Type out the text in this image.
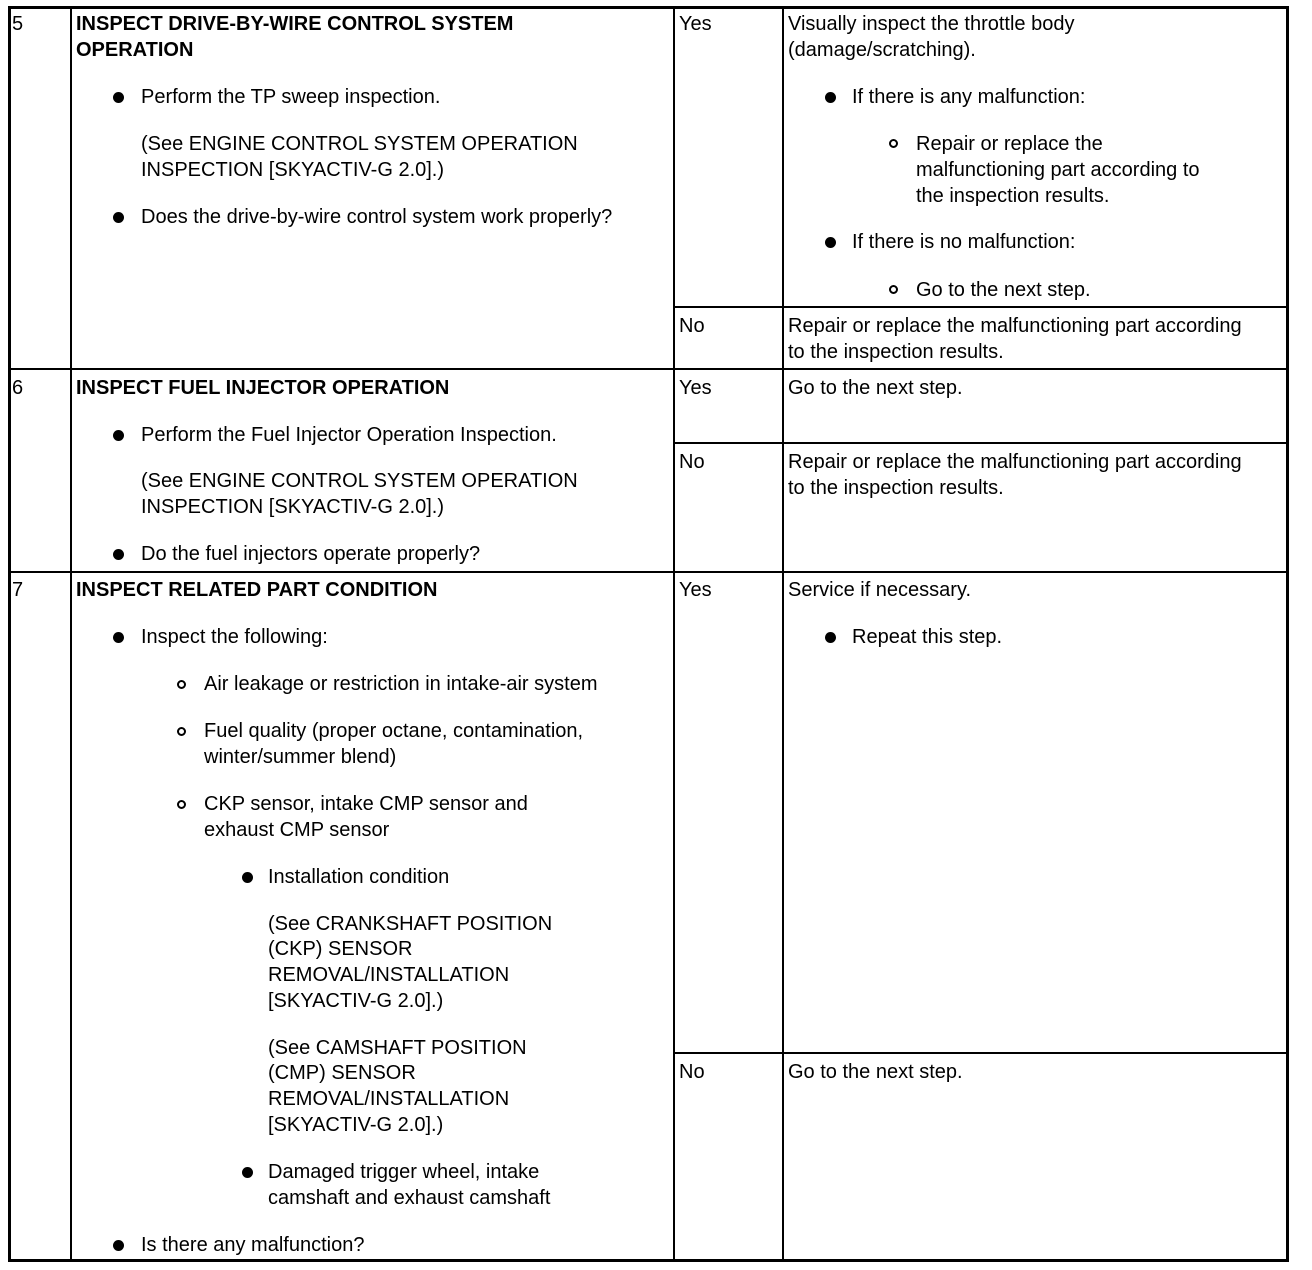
5	INSPECT DRIVE-BY-WIRE CONTROL SYSTEM
OPERATION
Perform the TP sweep inspection.
(See ENGINE CONTROL SYSTEM OPERATION
INSPECTION [SKYACTIV-G 2.0].)
Does the drive-by-wire control system work properly?
Yes	Visually inspect the throttle body
(damage/scratching).
If there is any malfunction:
Repair or replace the
malfunctioning part according to
the inspection results.
If there is no malfunction:
Go to the next step.
No	Repair or replace the malfunctioning part according
to the inspection results.
6	INSPECT FUEL INJECTOR OPERATION
Perform the Fuel Injector Operation Inspection.
(See ENGINE CONTROL SYSTEM OPERATION
INSPECTION [SKYACTIV-G 2.0].)
Do the fuel injectors operate properly?
Yes	Go to the next step.
No	Repair or replace the malfunctioning part according
to the inspection results.
7	INSPECT RELATED PART CONDITION
Inspect the following:
Air leakage or restriction in intake-air system
Fuel quality (proper octane, contamination,
winter/summer blend)
CKP sensor, intake CMP sensor and
exhaust CMP sensor
Installation condition
(See CRANKSHAFT POSITION
(CKP) SENSOR
REMOVAL/INSTALLATION
[SKYACTIV-G 2.0].)
(See CAMSHAFT POSITION
(CMP) SENSOR
REMOVAL/INSTALLATION
[SKYACTIV-G 2.0].)
Damaged trigger wheel, intake
camshaft and exhaust camshaft
Is there any malfunction?
Yes	Service if necessary.
Repeat this step.
No	Go to the next step.
